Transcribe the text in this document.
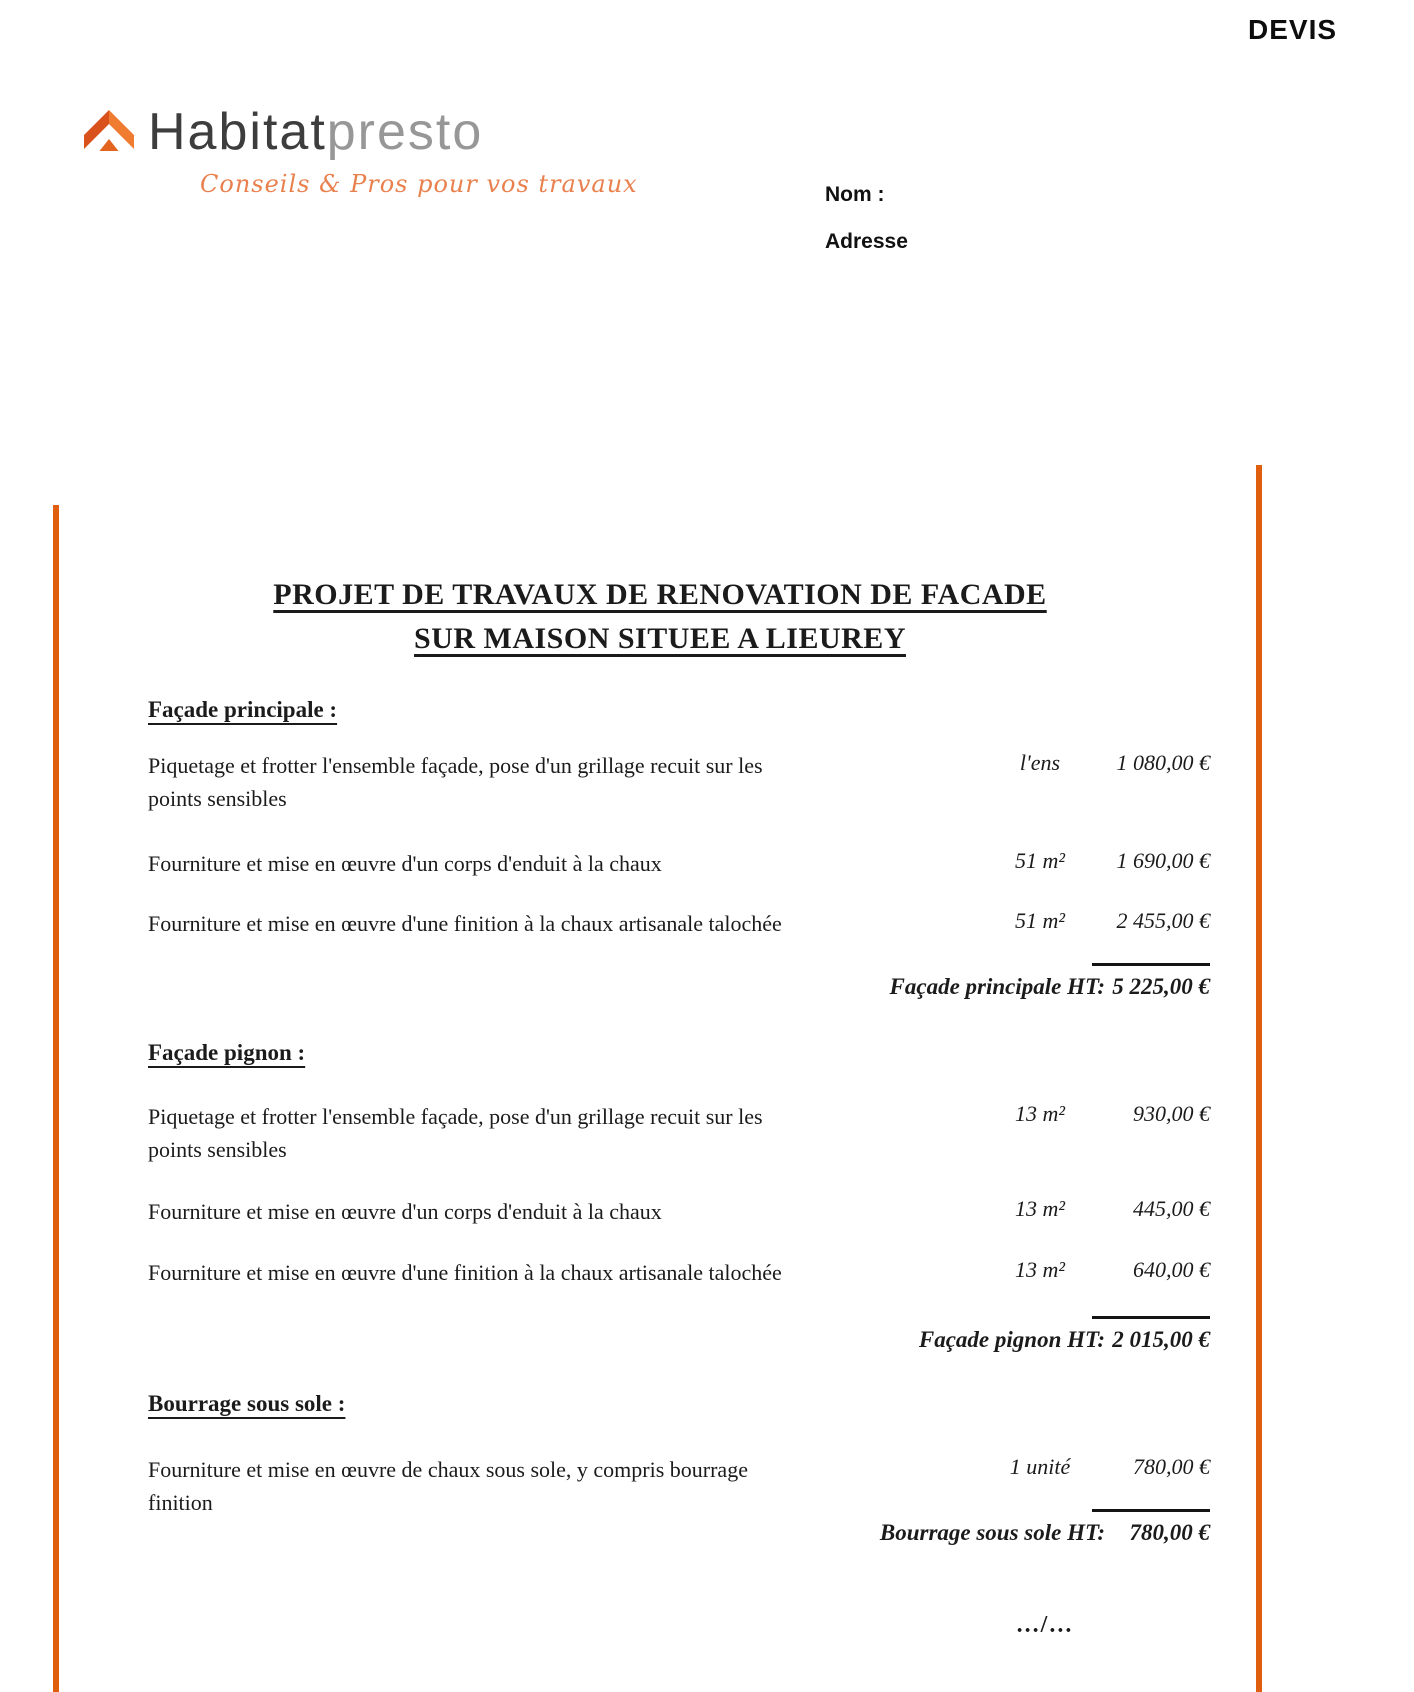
DEVIS
Habitatpresto
Conseils & Pros pour vos travaux	Nom :
Adresse
PROJET DE TRAVAUX DE RENOVATION DE FACADE
SUR MAISON SITUEE A LIEUREY
Façade principale :
Piquetage et frotter l'ensemble façade, pose d'un grillage recuit sur les points sensibles
l'ens	1 080,00 €
Fourniture et mise en œuvre d'un corps d'enduit à la chaux	51 m²	1 690,00 €
Fourniture et mise en œuvre d'une finition à la chaux artisanale talochée	51 m²	2 455,00 €
Façade principale HT: 5 225,00 €
Façade pignon :
Piquetage et frotter l'ensemble façade, pose d'un grillage recuit sur les points sensibles
13 m²	930,00 €
Fourniture et mise en œuvre d'un corps d'enduit à la chaux	13 m²	445,00 €
Fourniture et mise en œuvre d'une finition à la chaux artisanale talochée	13 m²	640,00 €
Façade pignon HT: 2 015,00 €
Bourrage sous sole :
Fourniture et mise en œuvre de chaux sous sole, y compris bourrage finition
1 unité	780,00 €
Bourrage sous sole HT:	780,00 €
.../...
